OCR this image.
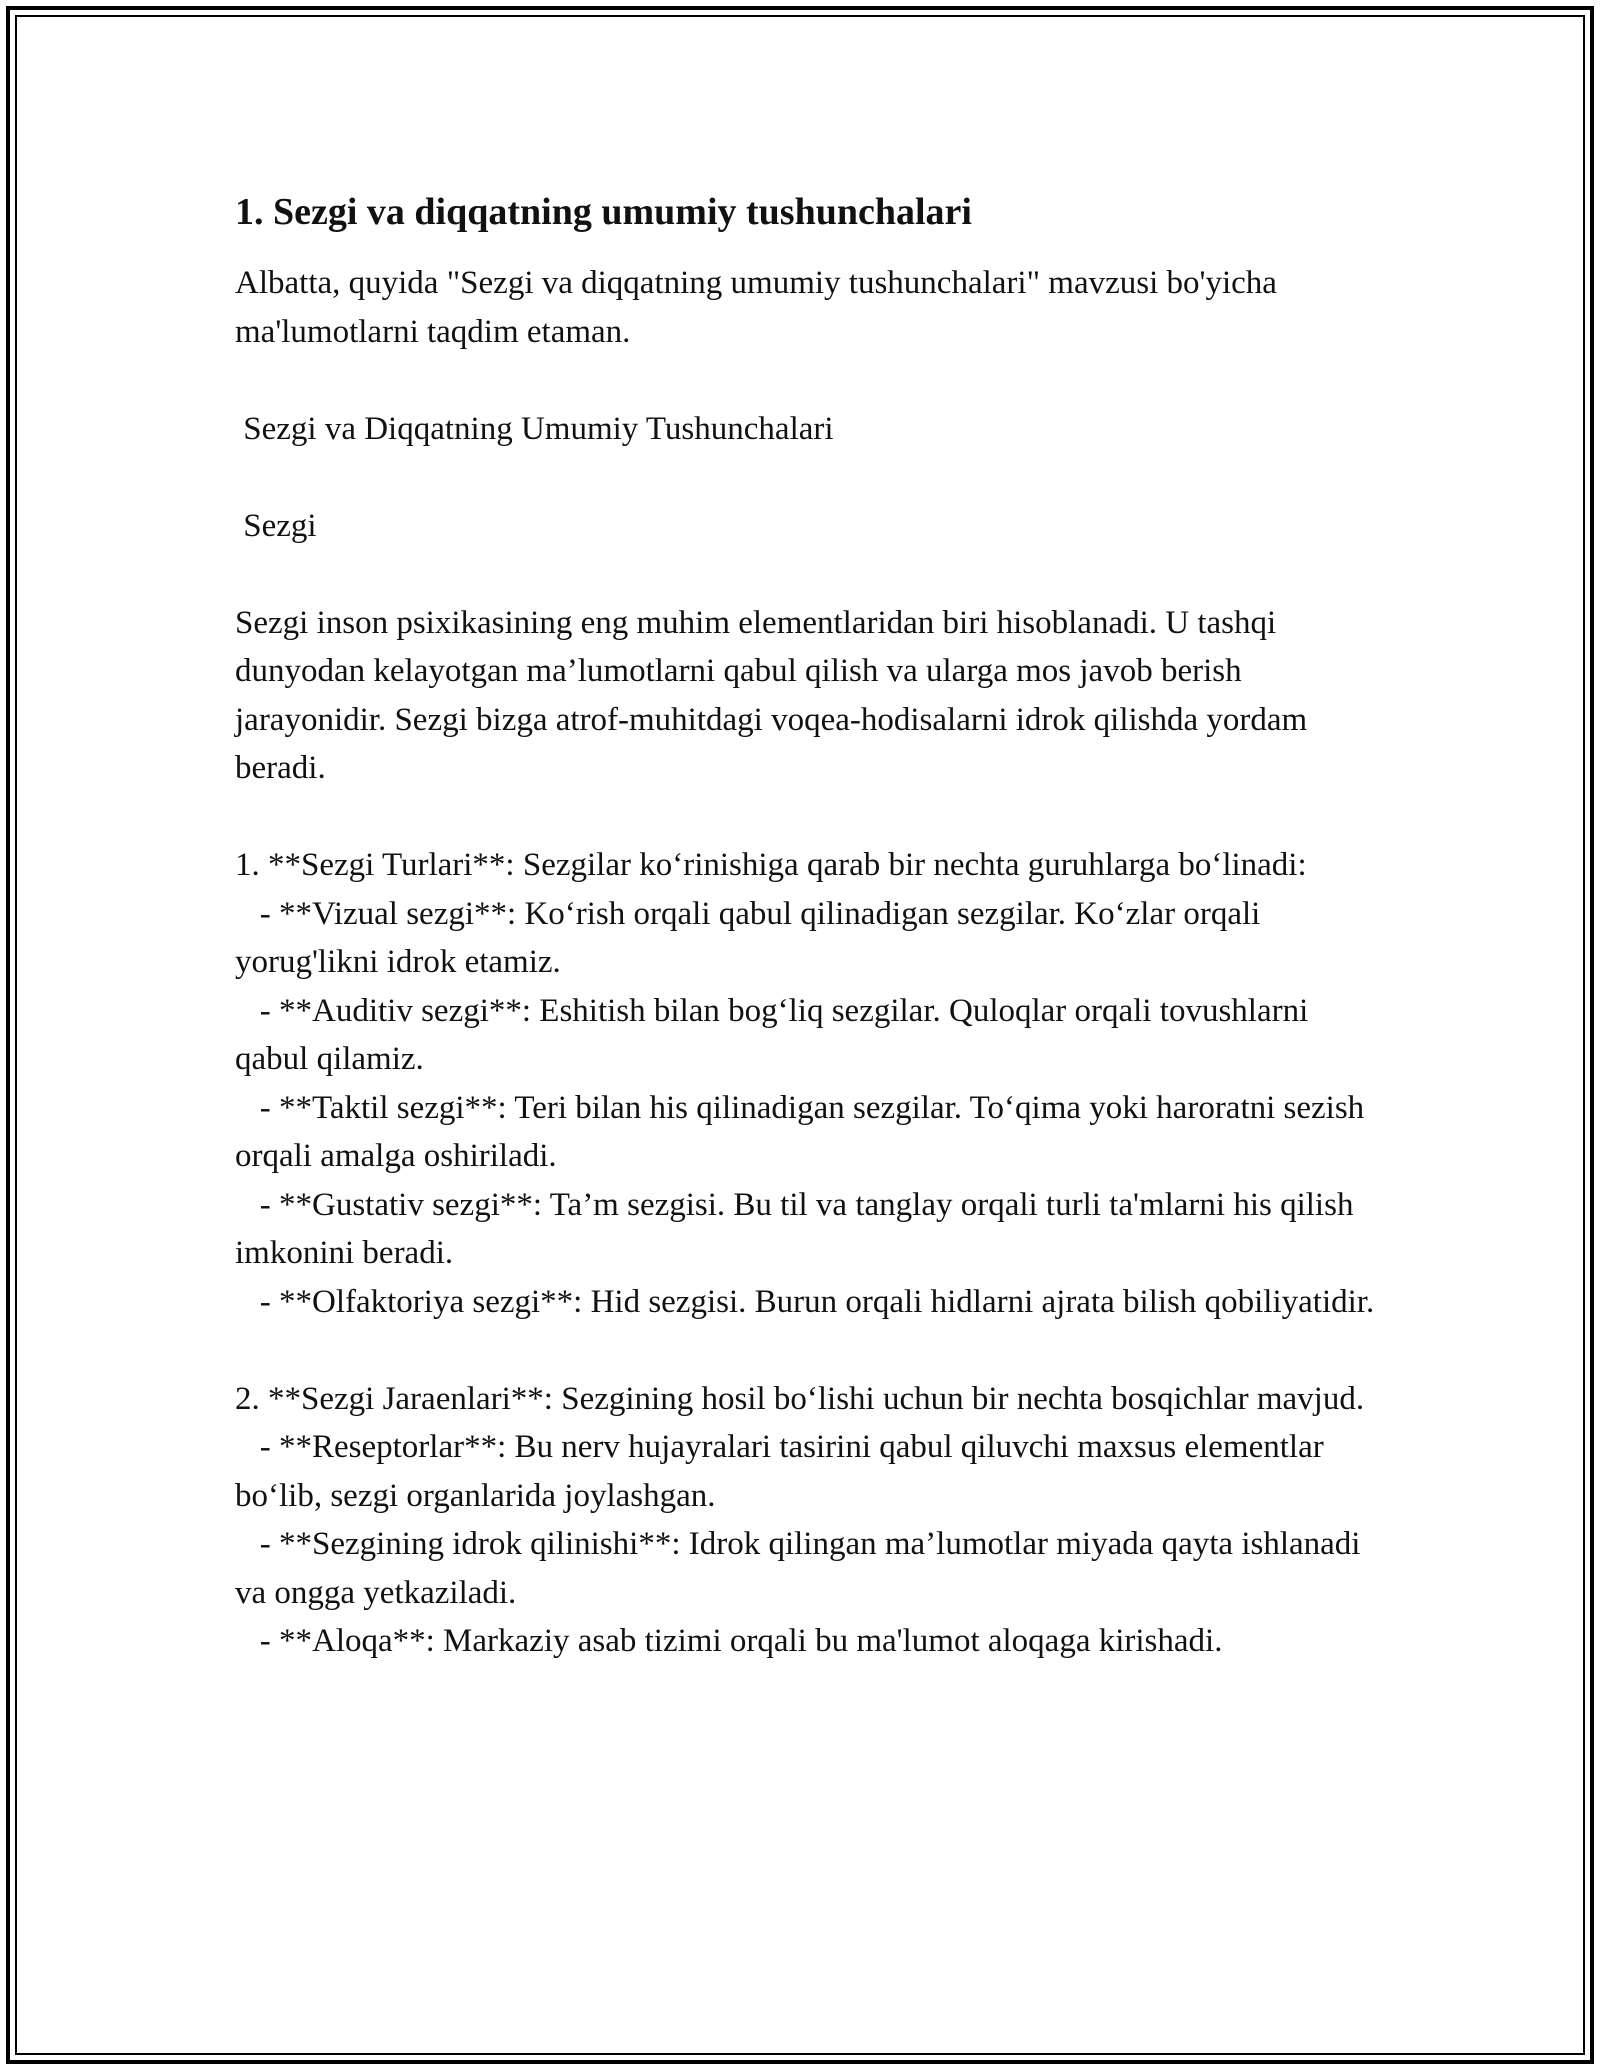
1. Sezgi va diqqatning umumiy tushunchalari

Albatta, quyida "Sezgi va diqqatning umumiy tushunchalari" mavzusi bo'yicha ma'lumotlarni taqdim etaman.

Sezgi va Diqqatning Umumiy Tushunchalari

Sezgi

Sezgi inson psixikasining eng muhim elementlaridan biri hisoblanadi. U tashqi dunyodan kelayotgan ma’lumotlarni qabul qilish va ularga mos javob berish jarayonidir. Sezgi bizga atrof-muhitdagi voqea-hodisalarni idrok qilishda yordam beradi.

1. **Sezgi Turlari**: Sezgilar ko‘rinishiga qarab bir nechta guruhlarga bo‘linadi:

- **Vizual sezgi**: Ko‘rish orqali qabul qilinadigan sezgilar. Ko‘zlar orqali yorug'likni idrok etamiz.

- **Auditiv sezgi**: Eshitish bilan bog‘liq sezgilar. Quloqlar orqali tovushlarni qabul qilamiz.

- **Taktil sezgi**: Teri bilan his qilinadigan sezgilar. To‘qima yoki haroratni sezish orqali amalga oshiriladi.

- **Gustativ sezgi**: Ta’m sezgisi. Bu til va tanglay orqali turli ta'mlarni his qilish imkonini beradi.

- **Olfaktoriya sezgi**: Hid sezgisi. Burun orqali hidlarni ajrata bilish qobiliyatidir.

2. **Sezgi Jaraenlari**: Sezgining hosil bo‘lishi uchun bir nechta bosqichlar mavjud.

- **Reseptorlar**: Bu nerv hujayralari tasirini qabul qiluvchi maxsus elementlar bo‘lib, sezgi organlarida joylashgan.

- **Sezgining idrok qilinishi**: Idrok qilingan ma’lumotlar miyada qayta ishlanadi va ongga yetkaziladi.

- **Aloqa**: Markaziy asab tizimi orqali bu ma'lumot aloqaga kirishadi.
